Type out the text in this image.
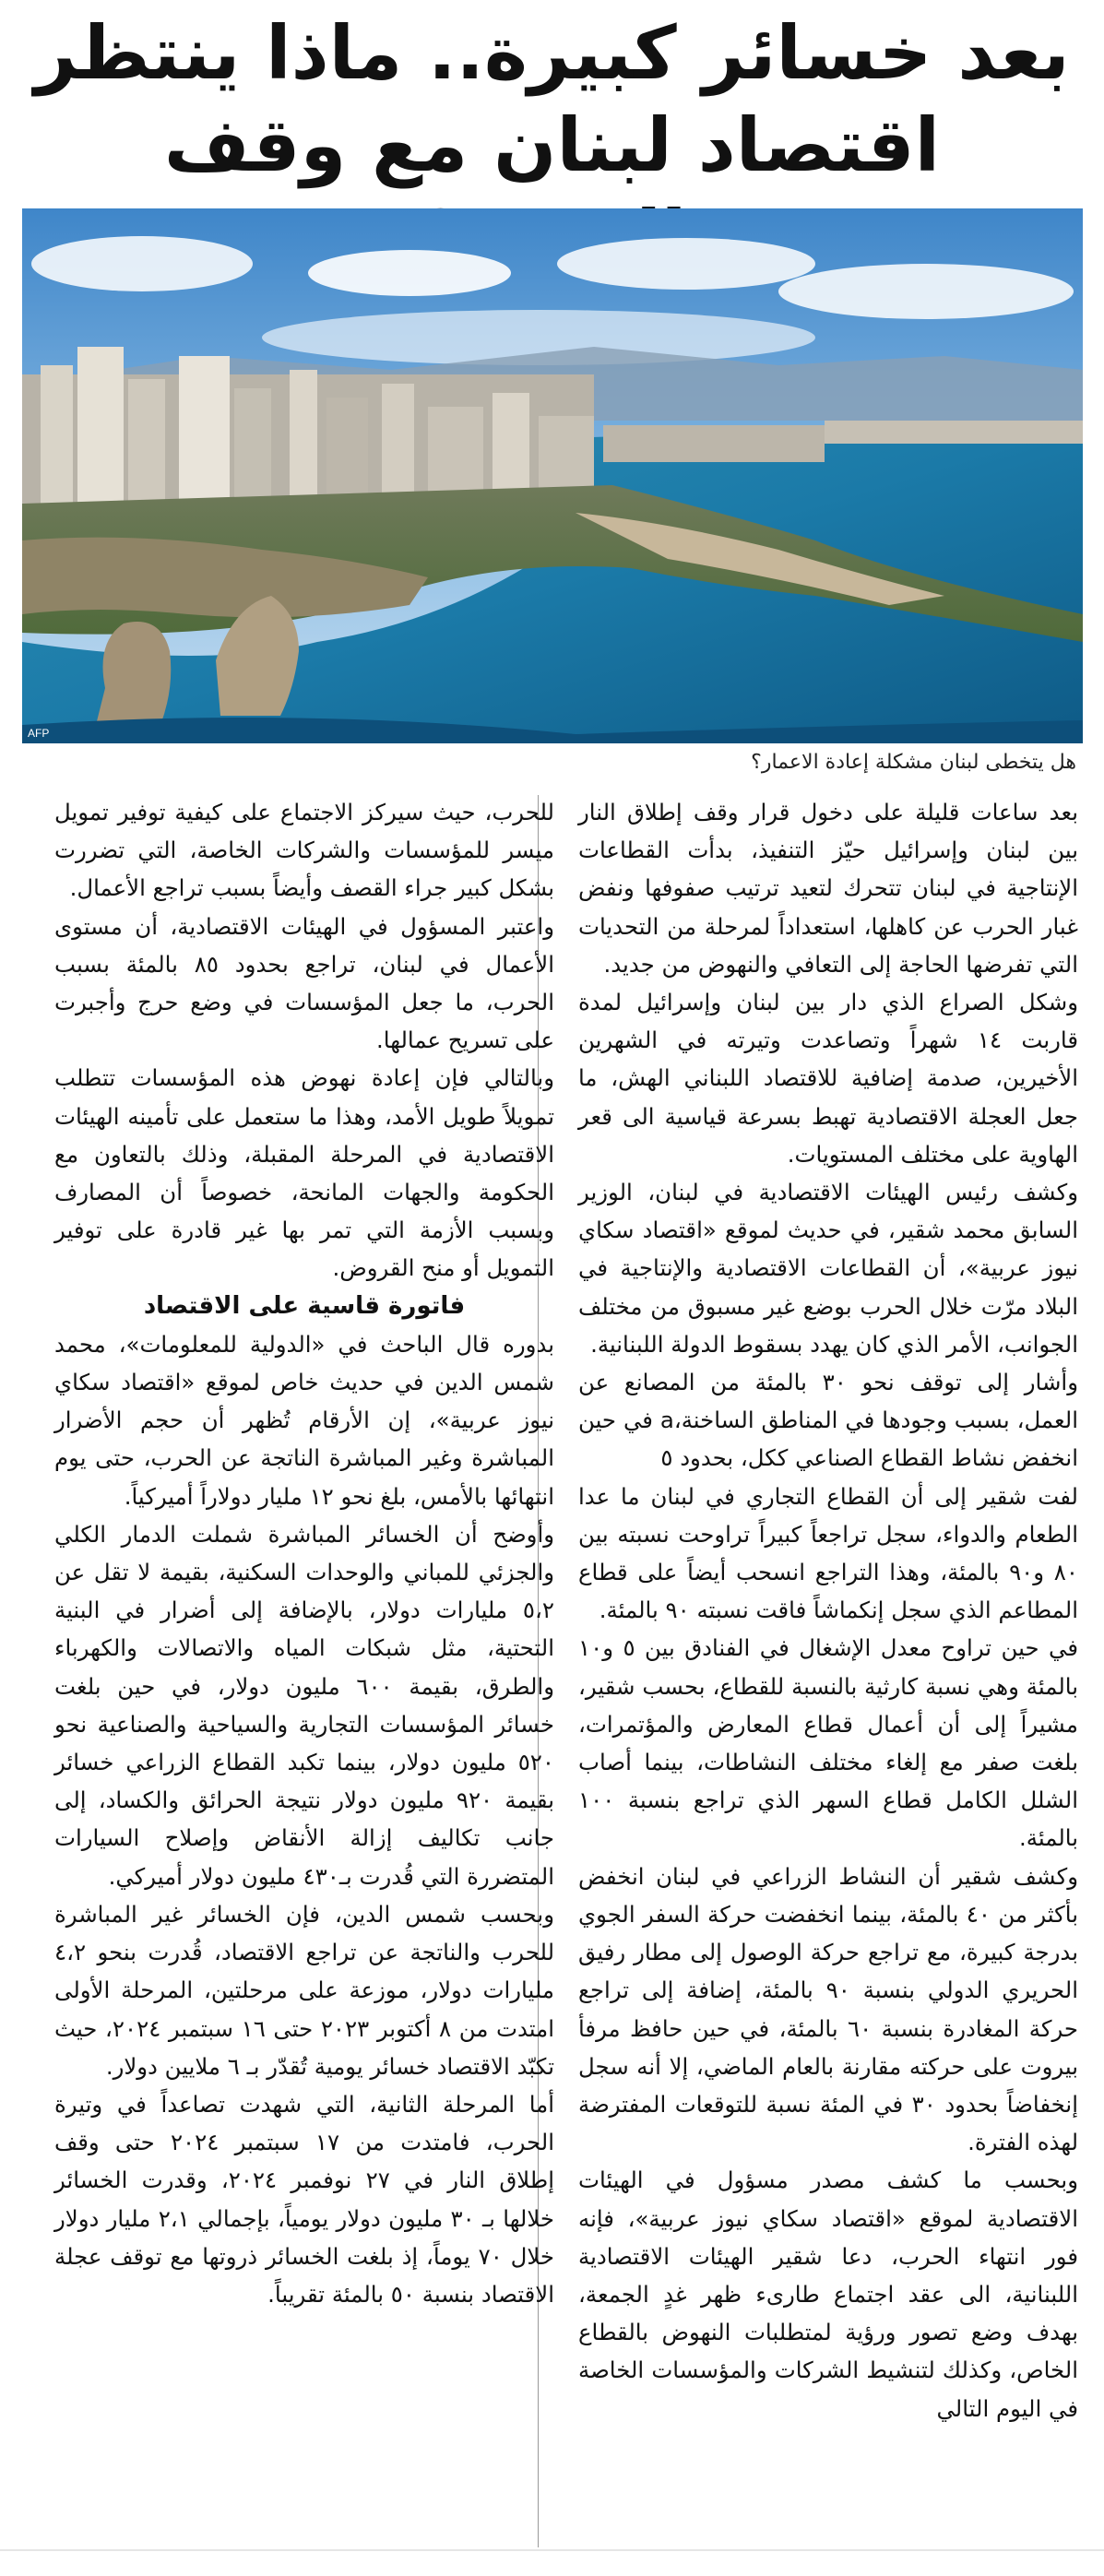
بعد خسائر كبيرة.. ماذا ينتظر
اقتصاد لبنان مع وقف
AFP
هل يتخطى لبنان مشكلة إعادة الاعمار؟

بعد ساعات قليلة على دخول قرار وقف إطلاق النار بين لبنان وإسرائيل حيّز التنفيذ، بدأت القطاعات الإنتاجية في لبنان تتحرك لتعيد ترتيب صفوفها ونفض غبار الحرب عن كاهلها، استعداداً لمرحلة من التحديات التي تفرضها الحاجة إلى التعافي والنهوض من جديد.

وشكل الصراع الذي دار بين لبنان وإسرائيل لمدة قاربت ١٤ شهراً وتصاعدت وتيرته في الشهرين الأخيرين، صدمة إضافية للاقتصاد اللبناني الهش، ما جعل العجلة الاقتصادية تهبط بسرعة قياسية الى قعر الهاوية على مختلف المستويات.

وكشف رئيس الهيئات الاقتصادية في لبنان، الوزير السابق محمد شقير، في حديث لموقع «اقتصاد سكاي نيوز عربية»، أن القطاعات الاقتصادية والإنتاجية في البلاد مرّت خلال الحرب بوضع غير مسبوق من مختلف الجوانب، الأمر الذي كان يهدد بسقوط الدولة اللبنانية.

وأشار إلى توقف نحو ٣٠ بالمئة من المصانع عن العمل، بسبب وجودها في المناطق الساخنة،a في حين انخفض نشاط القطاع الصناعي ككل، بحدود ٥

لفت شقير إلى أن القطاع التجاري في لبنان ما عدا الطعام والدواء، سجل تراجعاً كبيراً تراوحت نسبته بين ٨٠ و٩٠ بالمئة، وهذا التراجع انسحب أيضاً على قطاع المطاعم الذي سجل إنكماشاً فاقت نسبته ٩٠ بالمئة.

في حين تراوح معدل الإشغال في الفنادق بين ٥ و١٠ بالمئة وهي نسبة كارثية بالنسبة للقطاع، بحسب شقير، مشيراً إلى أن أعمال قطاع المعارض والمؤتمرات، بلغت صفر مع إلغاء مختلف النشاطات، بينما أصاب الشلل الكامل قطاع السهر الذي تراجع بنسبة ١٠٠ بالمئة.

وكشف شقير أن النشاط الزراعي في لبنان انخفض بأكثر من ٤٠ بالمئة، بينما انخفضت حركة السفر الجوي بدرجة كبيرة، مع تراجع حركة الوصول إلى مطار رفيق الحريري الدولي بنسبة ٩٠ بالمئة، إضافة إلى تراجع حركة المغادرة بنسبة ٦٠ بالمئة، في حين حافظ مرفأ بيروت على حركته مقارنة بالعام الماضي، إلا أنه سجل إنخفاضاً بحدود ٣٠ في المئة نسبة للتوقعات المفترضة لهذه الفترة.

وبحسب ما كشف مصدر مسؤول في الهيئات الاقتصادية لموقع «اقتصاد سكاي نيوز عربية»، فإنه فور انتهاء الحرب، دعا شقير الهيئات الاقتصادية اللبنانية، الى عقد اجتماع طارىء ظهر غدٍ الجمعة، بهدف وضع تصور ورؤية لمتطلبات النهوض بالقطاع الخاص، وكذلك لتنشيط الشركات والمؤسسات الخاصة في اليوم التالي

للحرب، حيث سيركز الاجتماع على كيفية توفير تمويل ميسر للمؤسسات والشركات الخاصة، التي تضررت بشكل كبير جراء القصف وأيضاً بسبب تراجع الأعمال.

واعتبر المسؤول في الهيئات الاقتصادية، أن مستوى الأعمال في لبنان، تراجع بحدود ٨٥ بالمئة بسبب الحرب، ما جعل المؤسسات في وضع حرج وأجبرت على تسريح عمالها.

وبالتالي فإن إعادة نهوض هذه المؤسسات تتطلب تمويلاً طويل الأمد، وهذا ما ستعمل على تأمينه الهيئات الاقتصادية في المرحلة المقبلة، وذلك بالتعاون مع الحكومة والجهات المانحة، خصوصاً أن المصارف وبسبب الأزمة التي تمر بها غير قادرة على توفير التمويل أو منح القروض.

فاتورة قاسية على الاقتصاد

بدوره قال الباحث في «الدولية للمعلومات»، محمد شمس الدين في حديث خاص لموقع «اقتصاد سكاي نيوز عربية»، إن الأرقام تُظهر أن حجم الأضرار المباشرة وغير المباشرة الناتجة عن الحرب، حتى يوم انتهائها بالأمس، بلغ نحو ١٢ مليار دولاراً أميركياً.

وأوضح أن الخسائر المباشرة شملت الدمار الكلي والجزئي للمباني والوحدات السكنية، بقيمة لا تقل عن ٥،٢ مليارات دولار، بالإضافة إلى أضرار في البنية التحتية، مثل شبكات المياه والاتصالات والكهرباء والطرق، بقيمة ٦٠٠ مليون دولار، في حين بلغت خسائر المؤسسات التجارية والسياحية والصناعية نحو ٥٢٠ مليون دولار، بينما تكبد القطاع الزراعي خسائر بقيمة ٩٢٠ مليون دولار نتيجة الحرائق والكساد، إلى جانب تكاليف إزالة الأنقاض وإصلاح السيارات المتضررة التي قُدرت بـ٤٣٠ مليون دولار أميركي.

وبحسب شمس الدين، فإن الخسائر غير المباشرة للحرب والناتجة عن تراجع الاقتصاد، قُدرت بنحو ٤،٢ مليارات دولار، موزعة على مرحلتين، المرحلة الأولى امتدت من ٨ أكتوبر ٢٠٢٣ حتى ١٦ سبتمبر ٢٠٢٤، حيث تكبّد الاقتصاد خسائر يومية تُقدّر بـ ٦ ملايين دولار.

أما المرحلة الثانية، التي شهدت تصاعداً في وتيرة الحرب، فامتدت من ١٧ سبتمبر ٢٠٢٤ حتى وقف إطلاق النار في ٢٧ نوفمبر ٢٠٢٤، وقدرت الخسائر خلالها بـ ٣٠ مليون دولار يومياً، بإجمالي ٢،١ مليار دولار خلال ٧٠ يوماً، إذ بلغت الخسائر ذروتها مع توقف عجلة الاقتصاد بنسبة ٥٠ بالمئة تقريباً.
